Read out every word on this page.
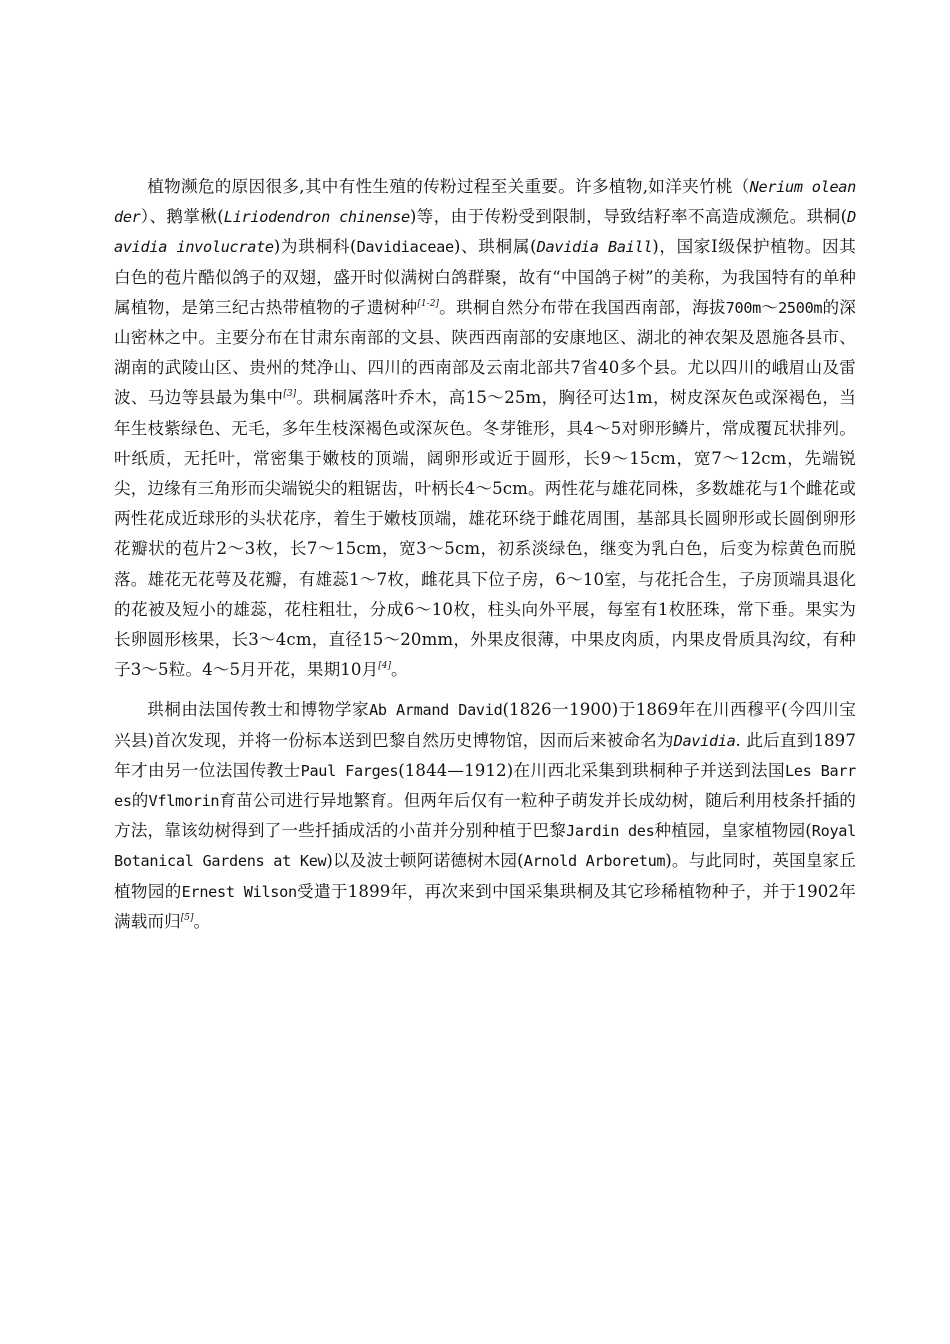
植物濒危的原因很多,其中有性生殖的传粉过程至关重要。许多植物,如洋夹竹桃（Nerium oleander）、鹅掌楸(Liriodendron chinense)等，由于传粉受到限制，导致结籽率不高造成濒危。珙桐(Davidia involucrate)为珙桐科(Davidiaceae)、珙桐属(Davidia Baill)，国家Ⅰ级保护植物。因其白色的苞片酷似鸽子的双翅，盛开时似满树白鸽群聚，故有“中国鸽子树”的美称，为我国特有的单种属植物，是第三纪古热带植物的孑遗树种[1-2]。珙桐自然分布带在我国西南部，海拔700m～2500m的深山密林之中。主要分布在甘肃东南部的文县、陕西西南部的安康地区、湖北的神农架及恩施各县市、湖南的武陵山区、贵州的梵净山、四川的西南部及云南北部共7省40多个县。尤以四川的峨眉山及雷波、马边等县最为集中[3]。珙桐属落叶乔木，高15～25m，胸径可达1m，树皮深灰色或深褐色，当年生枝紫绿色、无毛，多年生枝深褐色或深灰色。冬芽锥形，具4～5对卵形鳞片，常成覆瓦状排列。叶纸质，无托叶，常密集于嫩枝的顶端，阔卵形或近于圆形，长9～15cm，宽7～12cm，先端锐尖，边缘有三角形而尖端锐尖的粗锯齿，叶柄长4～5cm。两性花与雄花同株，多数雄花与1个雌花或两性花成近球形的头状花序，着生于嫩枝顶端，雄花环绕于雌花周围，基部具长圆卵形或长圆倒卵形花瓣状的苞片2～3枚，长7～15cm，宽3～5cm，初系淡绿色，继变为乳白色，后变为棕黄色而脱落。雄花无花萼及花瓣，有雄蕊1～7枚，雌花具下位子房，6～10室，与花托合生，子房顶端具退化的花被及短小的雄蕊，花柱粗壮，分成6～10枚，柱头向外平展，每室有1枚胚珠，常下垂。果实为长卵圆形核果，长3～4cm，直径15～20mm，外果皮很薄，中果皮肉质，内果皮骨质具沟纹，有种子3～5粒。4～5月开花，果期10月[4]。

珙桐由法国传教士和博物学家Ab Armand David(1826一1900)于1869年在川西穆平(今四川宝兴县)首次发现，并将一份标本送到巴黎自然历史博物馆，因而后来被命名为Davidia. 此后直到1897年才由另一位法国传教士Paul Farges(1844—1912)在川西北采集到珙桐种子并送到法国Les Barres的Vflmorin育苗公司进行异地繁育。但两年后仅有一粒种子萌发并长成幼树，随后利用枝条扦插的方法，靠该幼树得到了一些扦插成活的小苗并分别种植于巴黎Jardin des种植园，皇家植物园(Royal Botanical Gardens at Kew)以及波士顿阿诺德树木园(Arnold Arboretum)。与此同时，英国皇家丘植物园的Ernest Wilson受遣于1899年，再次来到中国采集珙桐及其它珍稀植物种子，并于1902年满载而归[5]。
